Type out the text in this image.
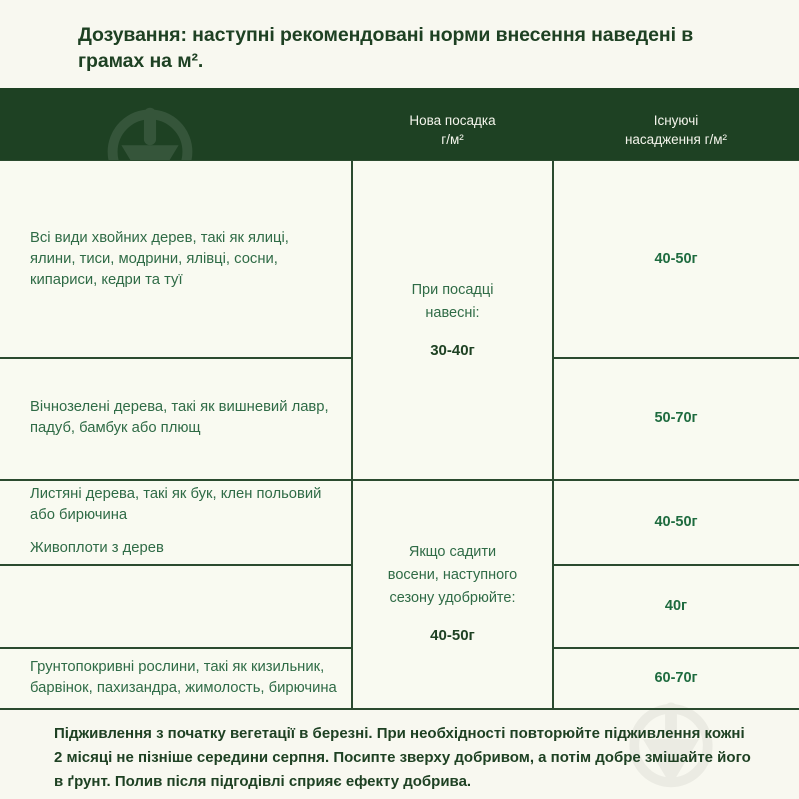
Дозування: наступні рекомендовані норми внесення наведені в грамах на м².
Нова посадка
г/м²
Існуючі
насадження г/м²

Всі види хвойних дерев, такі як ялиці, ялини, тиси, модрини, ялівці, сосни, кипариси, кедри та туї

Вічнозелені дерева, такі як вишневий лавр, падуб, бамбук або плющ

Листяні дерева, такі як бук, клен польовий або бирючина

Живоплоти з дерев

Грунтопокривні рослини, такі як кизильник, барвінок, пахизандра, жимолость, бирючина

При посадці
навесні:
30-40г
Якщо садити
восени, наступного
сезону удобрюйте:
40-50г
40-50г
50-70г
40-50г
40г
60-70г
Підживлення з початку вегетації в березні. При необхідності повторюйте підживлення кожні 2 місяці не пізніше середини серпня. Посипте зверху добривом, а потім добре змішайте його в ґрунт. Полив після підгодівлі сприяє ефекту добрива.
